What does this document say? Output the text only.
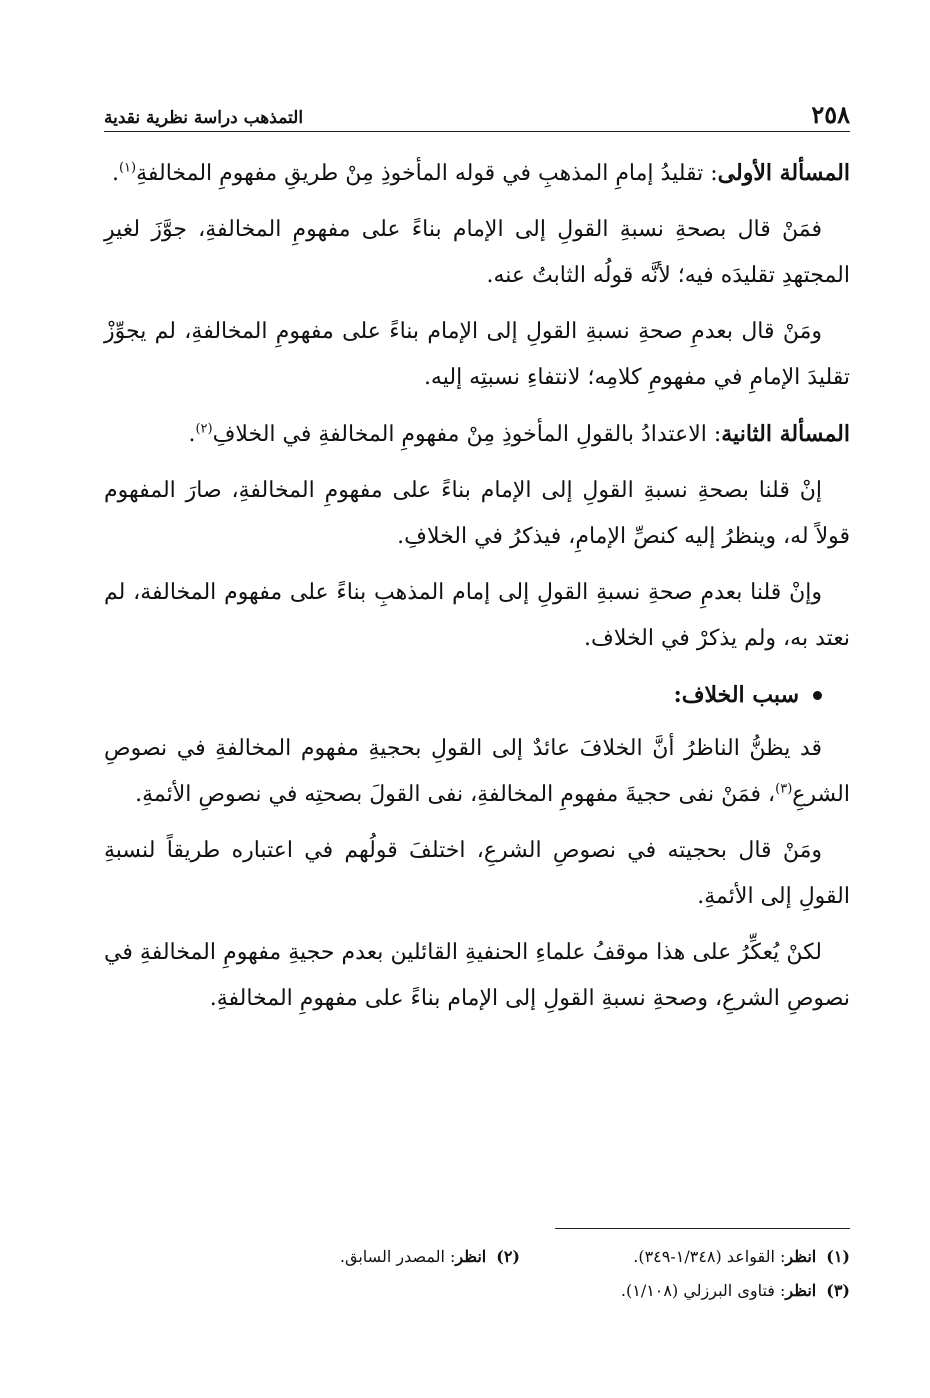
٢٥٨
التمذهب دراسة نظرية نقدية

المسألة الأولى: تقليدُ إمامِ المذهبِ في قوله المأخوذِ مِنْ طريقِ مفهومِ المخالفةِ$^{(١)}$.

فمَنْ قال بصحةِ نسبةِ القولِ إلى الإمام بناءً على مفهومِ المخالفةِ، جوَّزَ لغيرِ المجتهدِ تقليدَه فيه؛ لأنَّه قولُه الثابتُ عنه.

ومَنْ قال بعدمِ صحةِ نسبةِ القولِ إلى الإمام بناءً على مفهومِ المخالفةِ، لم يجوِّزْ تقليدَ الإمامِ في مفهومِ كلامِه؛ لانتفاءِ نسبتِه إليه.

المسألة الثانية: الاعتدادُ بالقولِ المأخوذِ مِنْ مفهومِ المخالفةِ في الخلافِ$^{(٢)}$.

إنْ قلنا بصحةِ نسبةِ القولِ إلى الإمام بناءً على مفهومِ المخالفةِ، صارَ المفهوم قولاً له، وينظرُ إليه كنصِّ الإمامِ، فيذكرُ في الخلافِ.

وإنْ قلنا بعدمِ صحةِ نسبةِ القولِ إلى إمام المذهبِ بناءً على مفهوم المخالفة، لم نعتد به، ولم يذكرْ في الخلاف.

سبب الخلاف:

قد يظنُّ الناظرُ أنَّ الخلافَ عائدٌ إلى القولِ بحجيةِ مفهوم المخالفةِ في نصوصِ الشرعِ$^{(٣)}$، فمَنْ نفى حجيةَ مفهومِ المخالفةِ، نفى القولَ بصحتِه في نصوصِ الأئمةِ.

ومَنْ قال بحجيته في نصوصِ الشرعِ، اختلفَ قولُهم في اعتباره طريقاً لنسبةِ القولِ إلى الأئمةِ.

لكنْ يُعكِّرُ على هذا موقفُ علماءِ الحنفيةِ القائلين بعدم حجيةِ مفهومِ المخالفةِ في نصوصِ الشرعِ، وصحةِ نسبةِ القولِ إلى الإمام بناءً على مفهومِ المخالفةِ.

(١)انظر: القواعد (١/٣٤٨-٣٤٩).
(٢)انظر: المصدر السابق.
(٣)انظر: فتاوى البرزلي (١/١٠٨).
